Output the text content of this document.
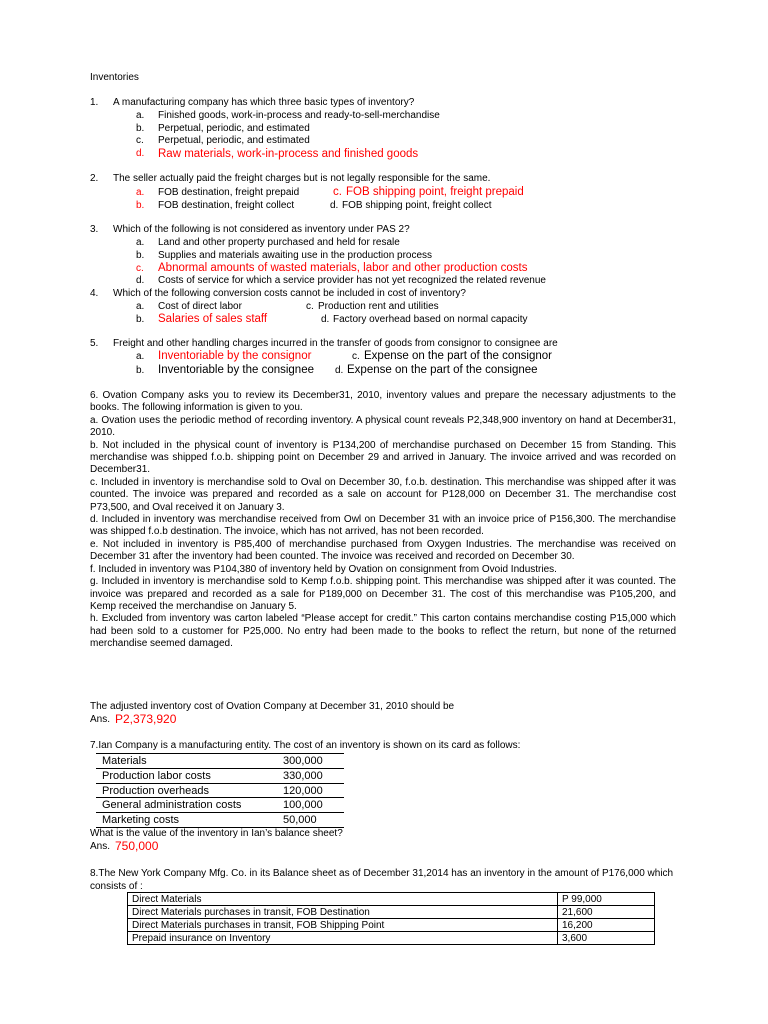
Inventories
1. A manufacturing company has which three basic types of inventory?
a. Finished goods, work-in-process and ready-to-sell-merchandise
b. Perpetual, periodic, and estimated
c. Perpetual, periodic, and estimated
d. Raw materials, work-in-process and finished goods
2. The seller actually paid the freight charges but is not legally responsible for the same.
a. FOB destination, freight prepaid	c. FOB shipping point, freight prepaid
b. FOB destination, freight collect	d. FOB shipping point, freight collect
3. Which of the following is not considered as inventory under PAS 2?
a. Land and other property purchased and held for resale
b. Supplies and materials awaiting use in the production process
c. Abnormal amounts of wasted materials, labor and other production costs
d. Costs of service for which a service provider has not yet recognized the related revenue
4. Which of the following conversion costs cannot be included in cost of inventory?
a. Cost of direct labor	c. Production rent and utilities
b. Salaries of sales staff	d. Factory overhead based on normal capacity
5. Freight and other handling charges incurred in the transfer of goods from consignor to consignee are
a. Inventoriable by the consignor	c. Expense on the part of the consignor
b. Inventoriable by the consignee d. Expense on the part of the consignee

6. Ovation Company asks you to review its December31, 2010, inventory values and prepare the necessary adjustments to the books. The following information is given to you.

a. Ovation uses the periodic method of recording inventory. A physical count reveals P2,348,900 inventory on hand at December31, 2010.

b. Not included in the physical count of inventory is P134,200 of merchandise purchased on December 15 from Standing. This merchandise was shipped f.o.b. shipping point on December 29 and arrived in January. The invoice arrived and was recorded on December31.

c. Included in inventory is merchandise sold to Oval on December 30, f.o.b. destination. This merchandise was shipped after it was counted. The invoice was prepared and recorded as a sale on account for P128,000 on December 31. The merchandise cost P73,500, and Oval received it on January 3.

d. Included in inventory was merchandise received from Owl on December 31 with an invoice price of P156,300. The merchandise was shipped f.o.b destination. The invoice, which has not arrived, has not been recorded.

e. Not included in inventory is P85,400 of merchandise purchased from Oxygen Industries. The merchandise was received on December 31 after the inventory had been counted. The invoice was received and recorded on December 30.

f. Included in inventory was P104,380 of inventory held by Ovation on consignment from Ovoid Industries.

g. Included in inventory is merchandise sold to Kemp f.o.b. shipping point. This merchandise was shipped after it was counted. The invoice was prepared and recorded as a sale for P189,000 on December 31. The cost of this merchandise was P105,200, and Kemp received the merchandise on January 5.

h. Excluded from inventory was carton labeled “Please accept for credit.” This carton contains merchandise costing P15,000 which had been sold to a customer for P25,000. No entry had been made to the books to reflect the return, but none of the returned merchandise seemed damaged.

The adjusted inventory cost of Ovation Company at December 31, 2010 should be
Ans. P2,373,920
7.Ian Company is a manufacturing entity. The cost of an inventory is shown on its card as follows:
Materials	300,000
Production labor costs	330,000
Production overheads	120,000
General administration costs	100,000
Marketing costs	50,000
What is the value of the inventory in Ian’s balance sheet?
Ans. 750,000
8.The New York Company Mfg. Co. in its Balance sheet as of December 31,2014 has an inventory in the amount of P176,000 which consists of :
Direct Materials	P 99,000
Direct Materials purchases in transit, FOB Destination	21,600
Direct Materials purchases in transit, FOB Shipping Point	16,200
Prepaid insurance on Inventory	3,600
